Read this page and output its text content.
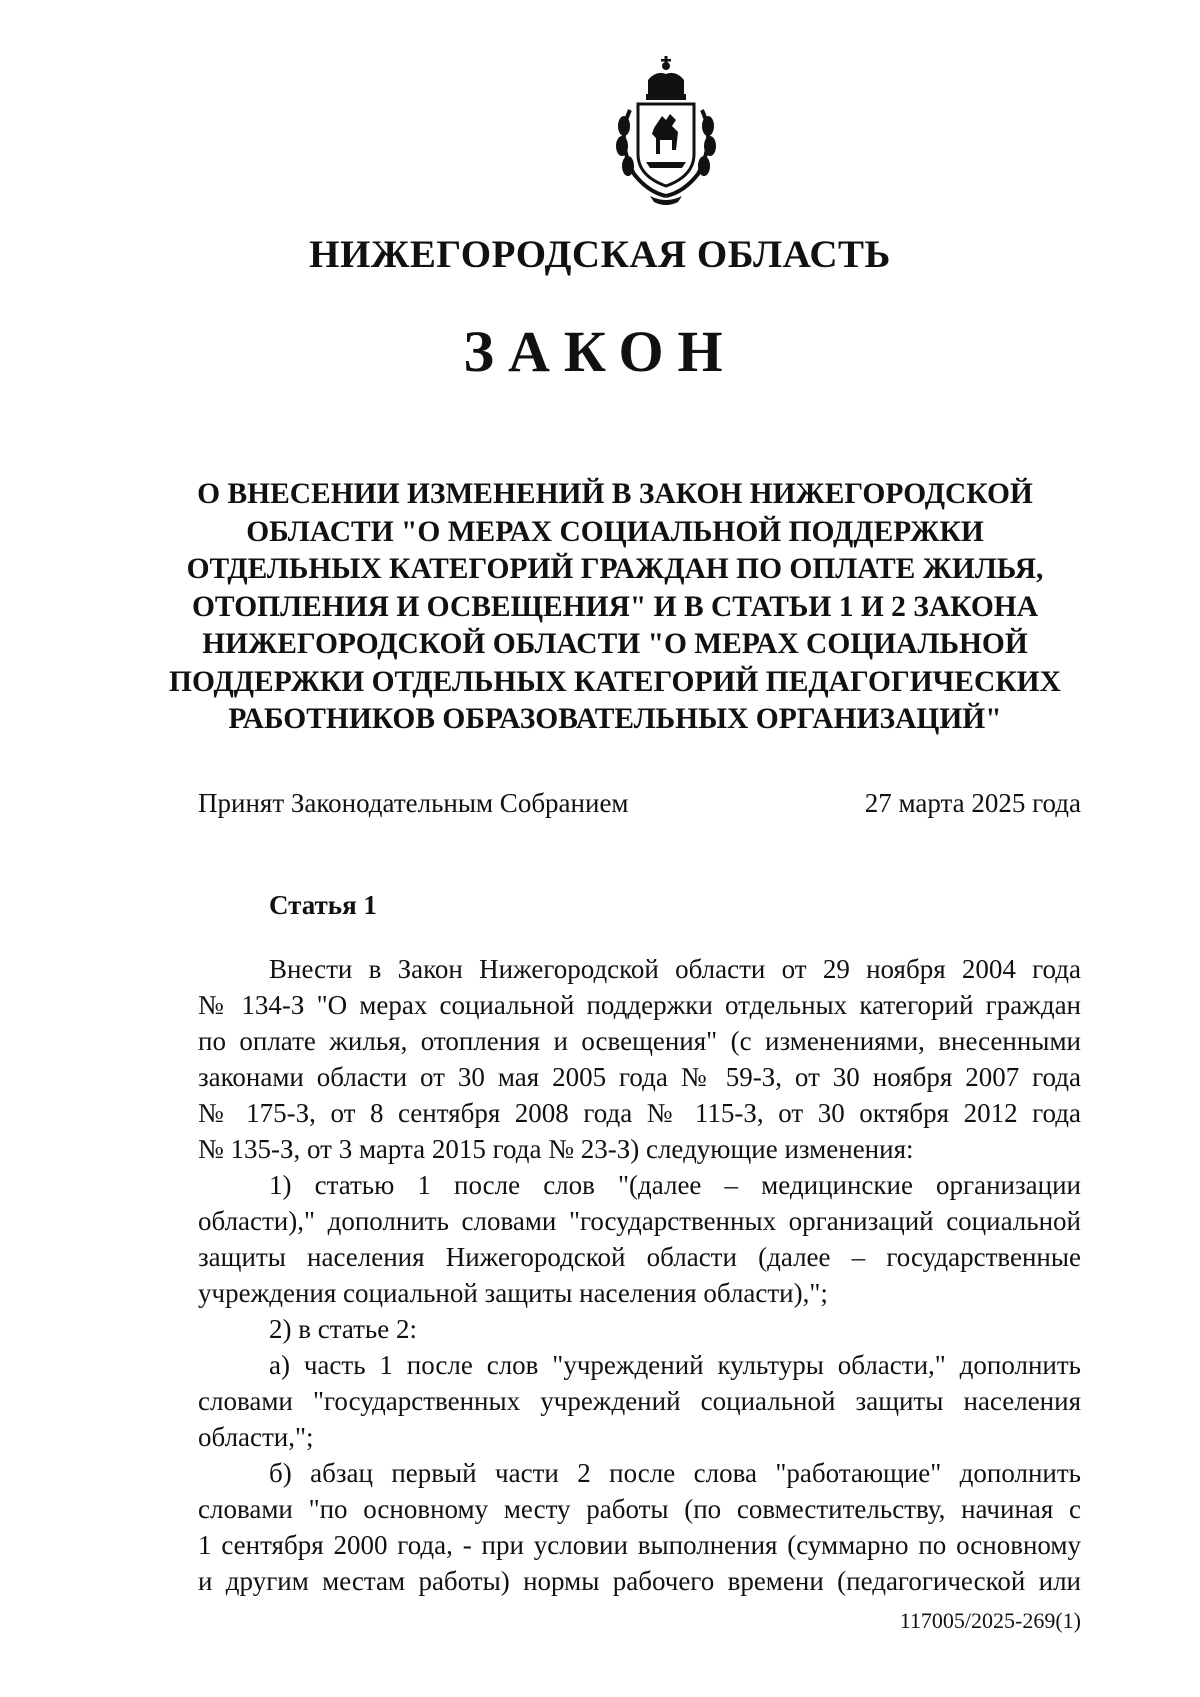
НИЖЕГОРОДСКАЯ ОБЛАСТЬ
ЗАКОН
О ВНЕСЕНИИ ИЗМЕНЕНИЙ В ЗАКОН НИЖЕГОРОДСКОЙ
ОБЛАСТИ "О МЕРАХ СОЦИАЛЬНОЙ ПОДДЕРЖКИ
ОТДЕЛЬНЫХ КАТЕГОРИЙ ГРАЖДАН ПО ОПЛАТЕ ЖИЛЬЯ,
ОТОПЛЕНИЯ И ОСВЕЩЕНИЯ" И В СТАТЬИ 1 И 2 ЗАКОНА
НИЖЕГОРОДСКОЙ ОБЛАСТИ "О МЕРАХ СОЦИАЛЬНОЙ
ПОДДЕРЖКИ ОТДЕЛЬНЫХ КАТЕГОРИЙ ПЕДАГОГИЧЕСКИХ
РАБОТНИКОВ ОБРАЗОВАТЕЛЬНЫХ ОРГАНИЗАЦИЙ"
Принят Законодательным Собранием	27 марта 2025 года
Статья 1
Внести в Закон Нижегородской области от 29 ноября 2004 года
№ 134-З "О мерах социальной поддержки отдельных категорий граждан
по оплате жилья, отопления и освещения" (с изменениями, внесенными
законами области от 30 мая 2005 года № 59-З, от 30 ноября 2007 года
№ 175-З, от 8 сентября 2008 года № 115-З, от 30 октября 2012 года
№ 135-З, от 3 марта 2015 года № 23-З) следующие изменения:
1) статью 1 после слов "(далее – медицинские организации
области)," дополнить словами "государственных организаций социальной
защиты населения Нижегородской области (далее – государственные
учреждения социальной защиты населения области),";
2) в статье 2:
а) часть 1 после слов "учреждений культуры области," дополнить
словами "государственных учреждений социальной защиты населения
области,";
б) абзац первый части 2 после слова "работающие" дополнить
словами "по основному месту работы (по совместительству, начиная с
1 сентября 2000 года, - при условии выполнения (суммарно по основному
и другим местам работы) нормы рабочего времени (педагогической или
117005/2025-269(1)
